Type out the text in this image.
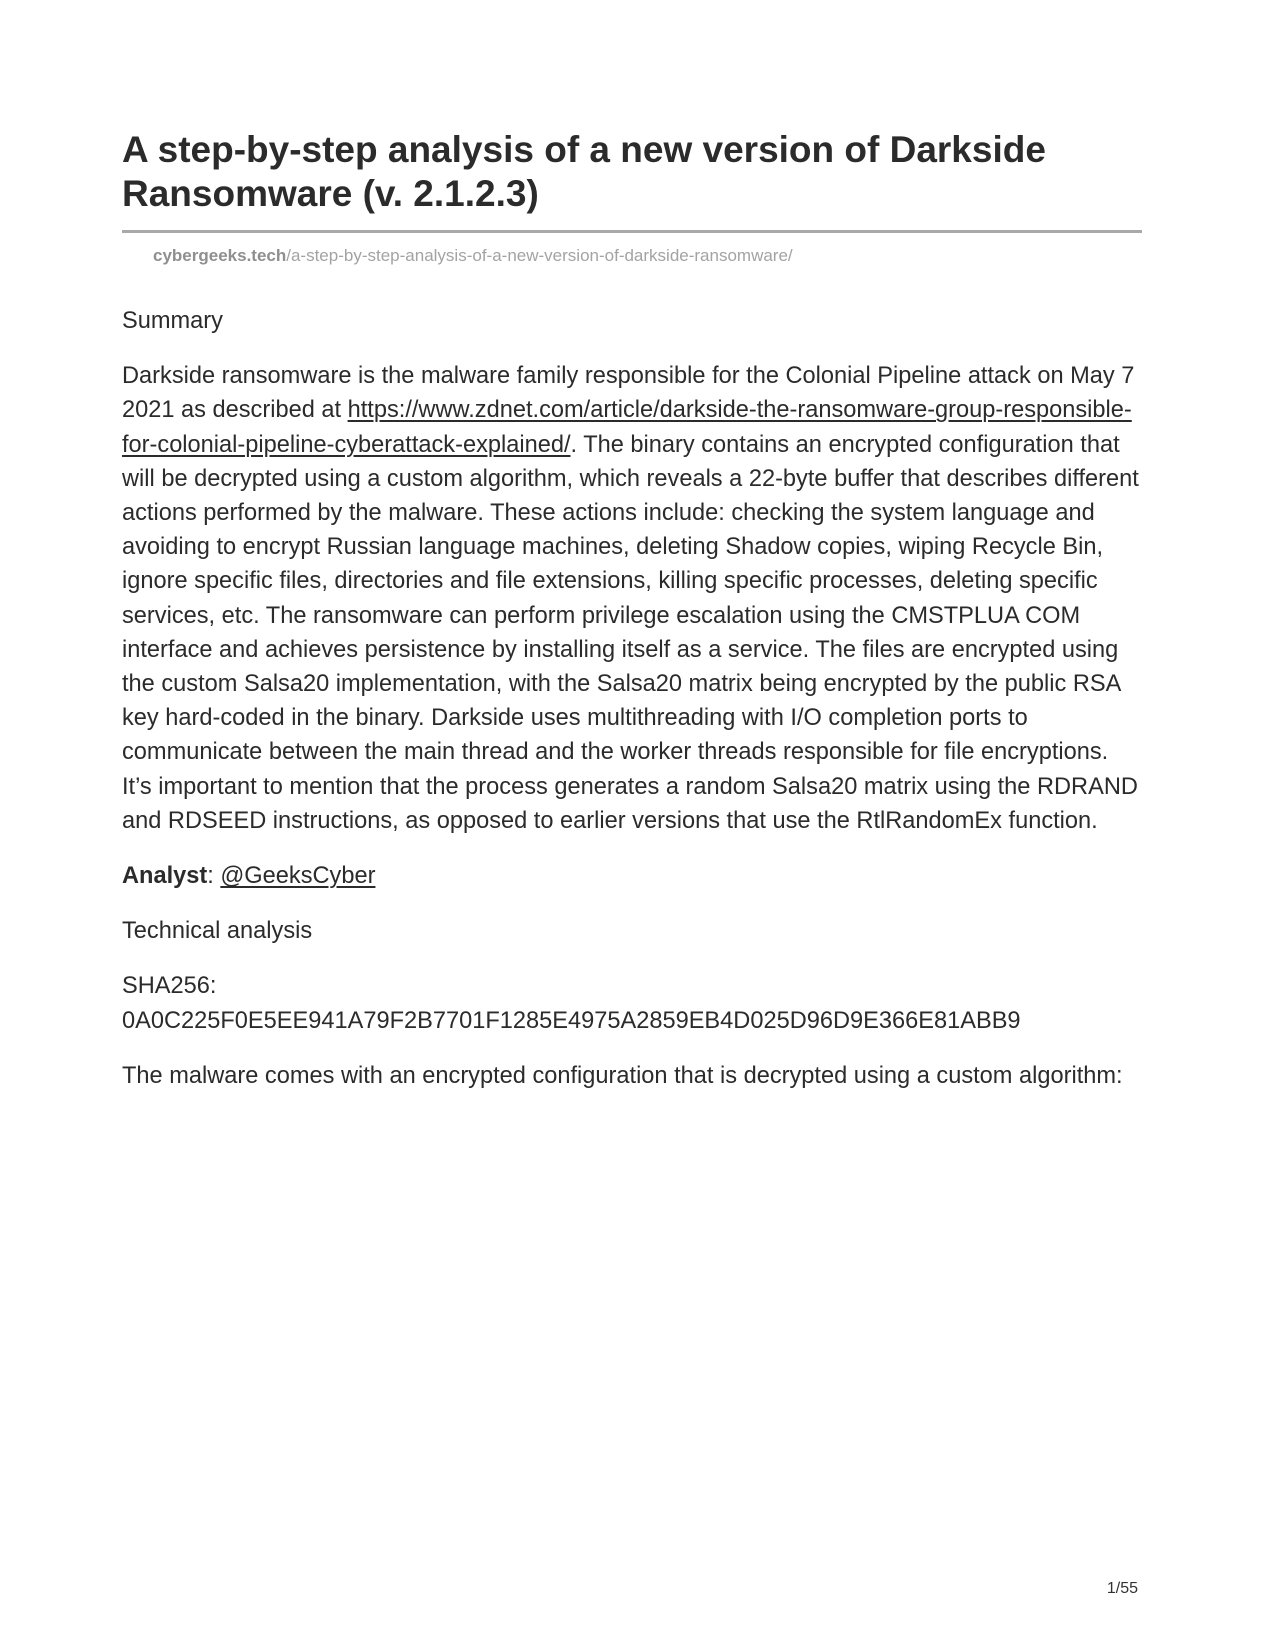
A step-by-step analysis of a new version of Darkside Ransomware (v. 2.1.2.3)
cybergeeks.tech/a-step-by-step-analysis-of-a-new-version-of-darkside-ransomware/

Summary

Darkside ransomware is the malware family responsible for the Colonial Pipeline attack on May 7 2021 as described at https://www.zdnet.com/article/darkside-the-ransomware-group-responsible-for-colonial-pipeline-cyberattack-explained/. The binary contains an encrypted configuration that will be decrypted using a custom algorithm, which reveals a 22-byte buffer that describes different actions performed by the malware. These actions include: checking the system language and avoiding to encrypt Russian language machines, deleting Shadow copies, wiping Recycle Bin, ignore specific files, directories and file extensions, killing specific processes, deleting specific services, etc. The ransomware can perform privilege escalation using the CMSTPLUA COM interface and achieves persistence by installing itself as a service. The files are encrypted using the custom Salsa20 implementation, with the Salsa20 matrix being encrypted by the public RSA key hard-coded in the binary. Darkside uses multithreading with I/O completion ports to communicate between the main thread and the worker threads responsible for file encryptions. It’s important to mention that the process generates a random Salsa20 matrix using the RDRAND and RDSEED instructions, as opposed to earlier versions that use the RtlRandomEx function.

Analyst: @GeeksCyber

Technical analysis

SHA256:
0A0C225F0E5EE941A79F2B7701F1285E4975A2859EB4D025D96D9E366E81ABB9

The malware comes with an encrypted configuration that is decrypted using a custom algorithm:

1/55
